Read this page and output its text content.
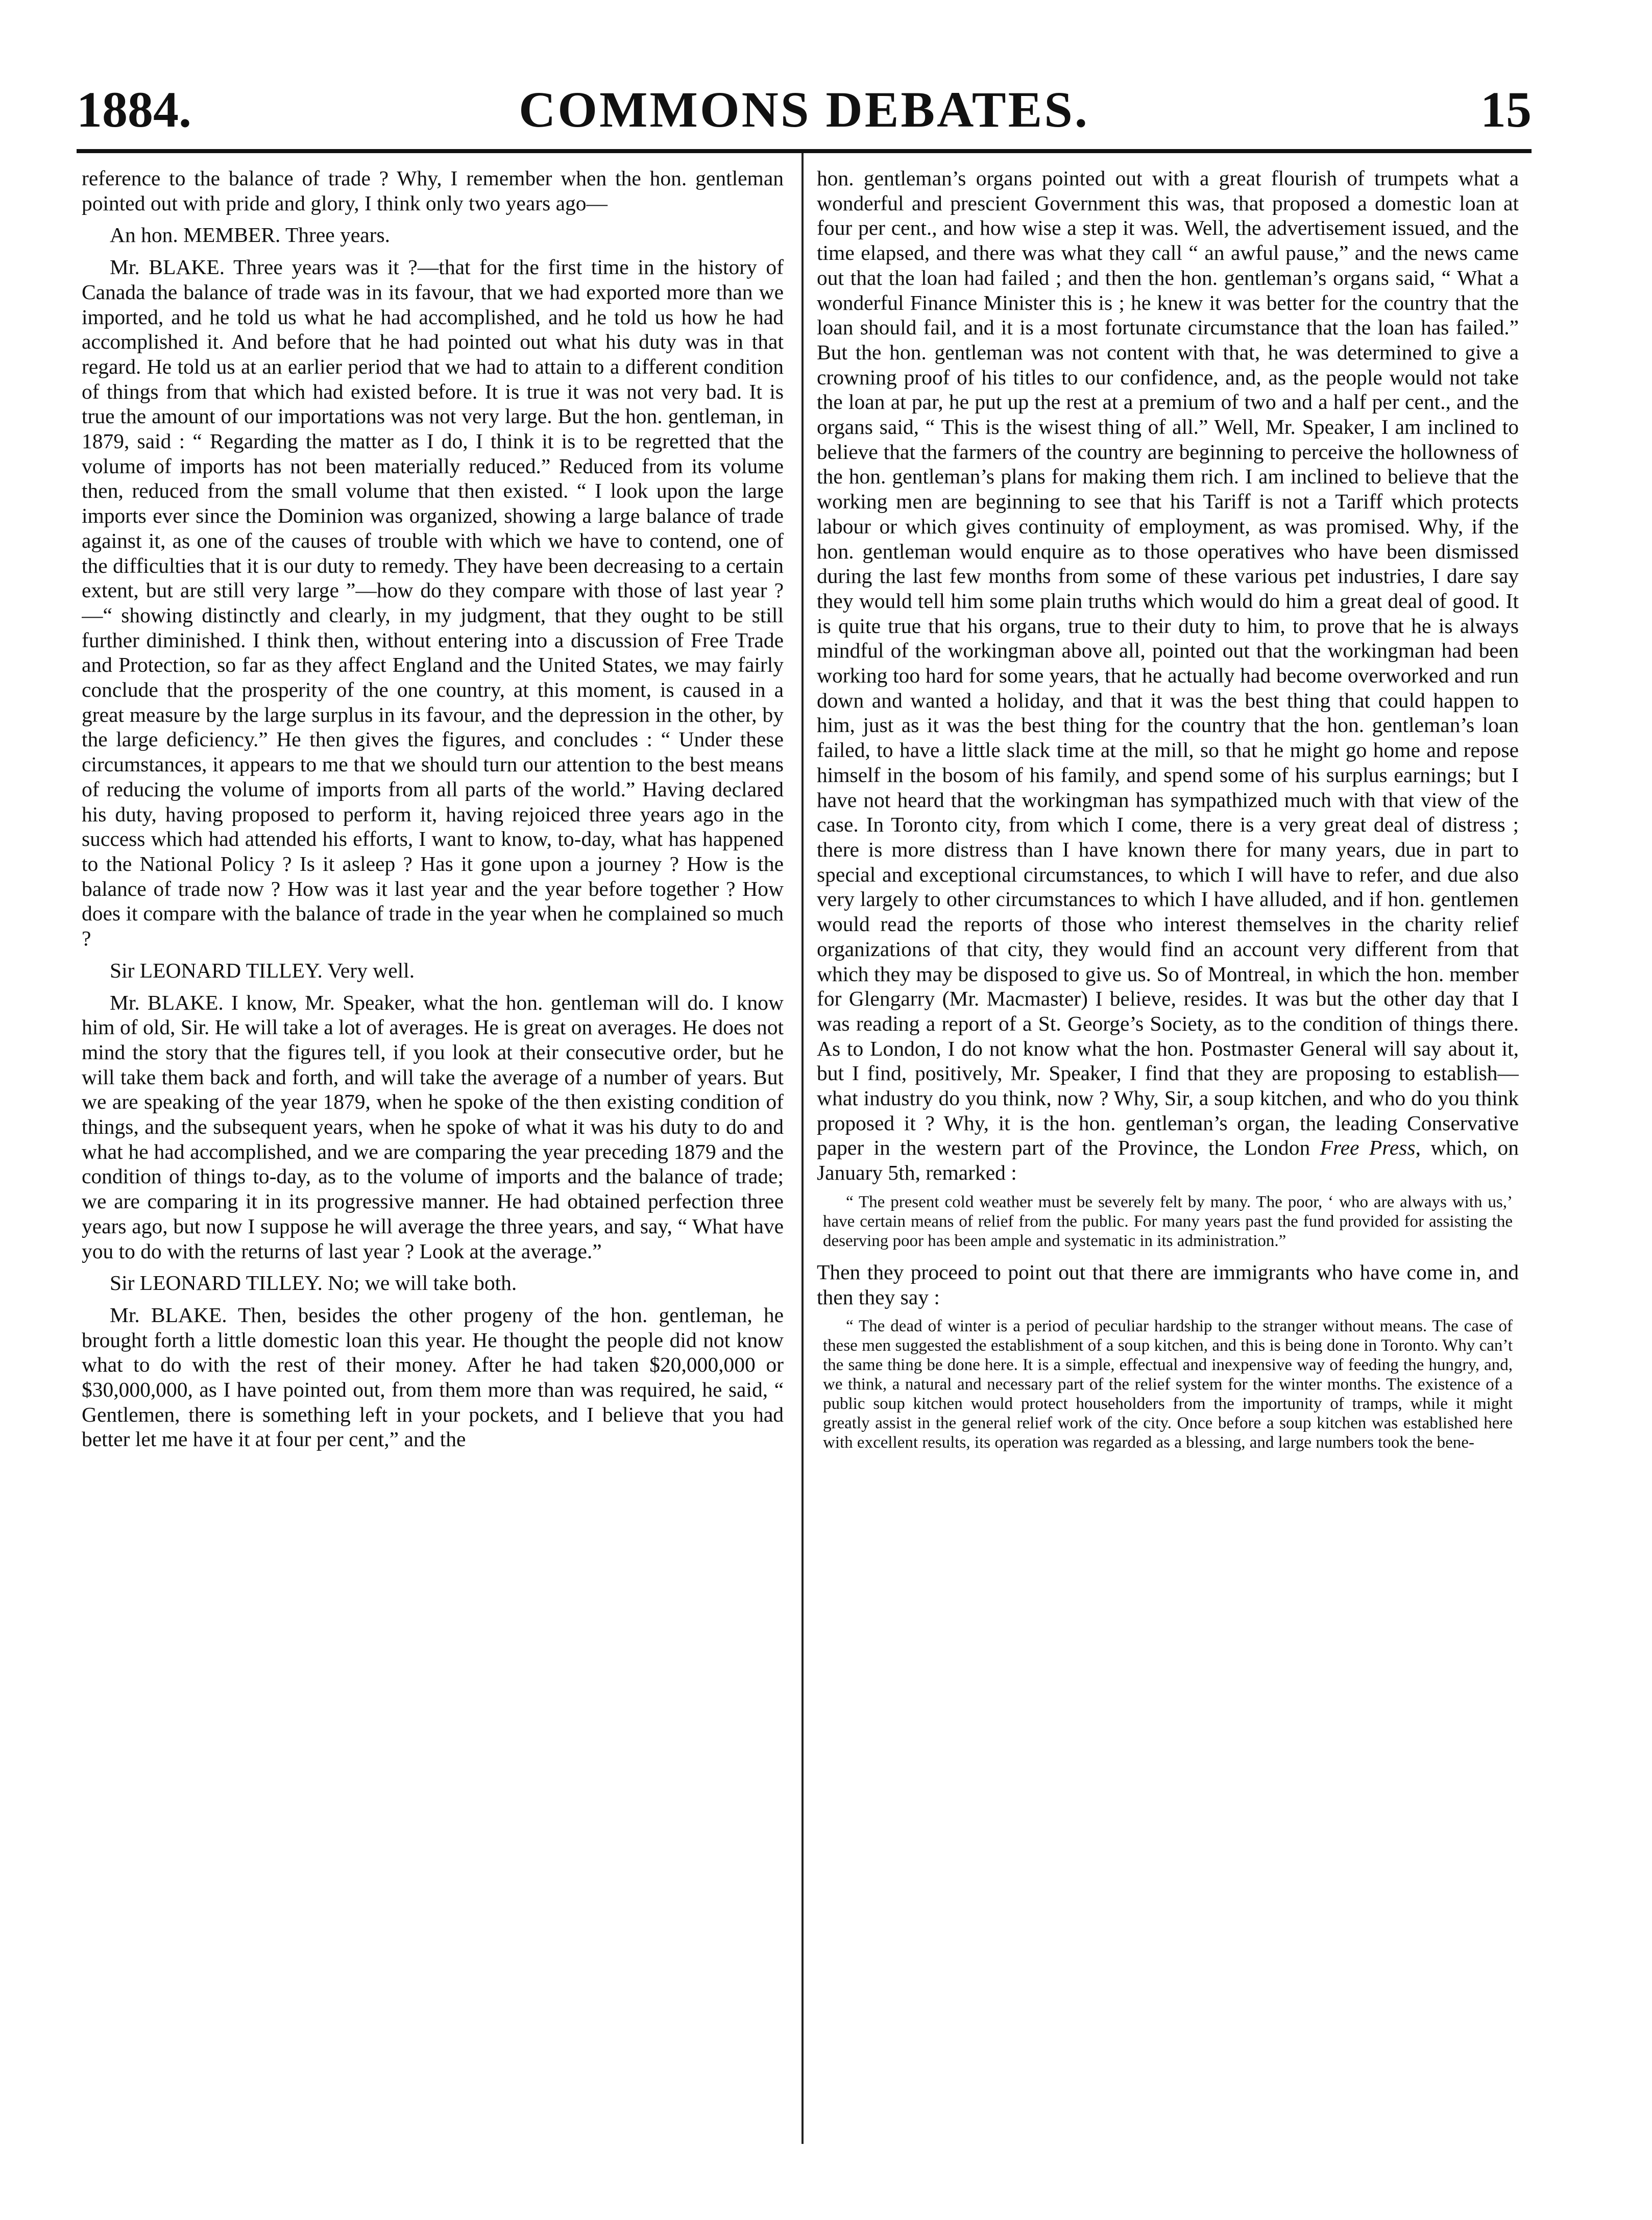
COMMONS DEBATES.
1884.	15

reference to the balance of trade ? Why, I remember when the hon. gentleman pointed out with pride and glory, I think only two years ago—

An hon. MEMBER. Three years.

Mr. BLAKE. Three years was it ?—that for the first time in the history of Canada the balance of trade was in its favour, that we had exported more than we imported, and he told us what he had accomplished, and he told us how he had accomplished it. And before that he had pointed out what his duty was in that regard. He told us at an earlier period that we had to attain to a different condition of things from that which had existed before. It is true it was not very bad. It is true the amount of our importations was not very large. But the hon. gentleman, in 1879, said : “ Regarding the matter as I do, I think it is to be regretted that the volume of imports has not been materially reduced.” Reduced from its volume then, reduced from the small volume that then existed. “ I look upon the large imports ever since the Dominion was organized, showing a large balance of trade against it, as one of the causes of trouble with which we have to contend, one of the difficulties that it is our duty to remedy. They have been decreasing to a certain extent, but are still very large ”—how do they compare with those of last year ?—“ showing distinctly and clearly, in my judgment, that they ought to be still further diminished. I think then, without entering into a discussion of Free Trade and Protection, so far as they affect England and the United States, we may fairly conclude that the prosperity of the one country, at this moment, is caused in a great measure by the large surplus in its favour, and the depression in the other, by the large deficiency.” He then gives the figures, and concludes : “ Under these circumstances, it appears to me that we should turn our attention to the best means of reducing the volume of imports from all parts of the world.” Having declared his duty, having proposed to perform it, having rejoiced three years ago in the success which had attended his efforts, I want to know, to-day, what has happened to the National Policy ? Is it asleep ? Has it gone upon a journey ? How is the balance of trade now ? How was it last year and the year before together ? How does it compare with the balance of trade in the year when he complained so much ?

Sir LEONARD TILLEY. Very well.

Mr. BLAKE. I know, Mr. Speaker, what the hon. gentleman will do. I know him of old, Sir. He will take a lot of averages. He is great on averages. He does not mind the story that the figures tell, if you look at their consecutive order, but he will take them back and forth, and will take the average of a number of years. But we are speaking of the year 1879, when he spoke of the then existing condition of things, and the subsequent years, when he spoke of what it was his duty to do and what he had accomplished, and we are comparing the year preceding 1879 and the condition of things to-day, as to the volume of imports and the balance of trade; we are comparing it in its progressive manner. He had obtained perfection three years ago, but now I suppose he will average the three years, and say, “ What have you to do with the returns of last year ? Look at the average.”

Sir LEONARD TILLEY. No; we will take both.

Mr. BLAKE. Then, besides the other progeny of the hon. gentleman, he brought forth a little domestic loan this year. He thought the people did not know what to do with the rest of their money. After he had taken $20,000,000 or $30,000,000, as I have pointed out, from them more than was required, he said, “ Gentlemen, there is something left in your pockets, and I believe that you had better let me have it at four per cent,” and the

hon. gentleman’s organs pointed out with a great flourish of trumpets what a wonderful and prescient Government this was, that proposed a domestic loan at four per cent., and how wise a step it was. Well, the advertisement issued, and the time elapsed, and there was what they call “ an awful pause,” and the news came out that the loan had failed ; and then the hon. gentleman’s organs said, “ What a wonderful Finance Minister this is ; he knew it was better for the country that the loan should fail, and it is a most fortunate circumstance that the loan has failed.” But the hon. gentleman was not content with that, he was determined to give a crowning proof of his titles to our confidence, and, as the people would not take the loan at par, he put up the rest at a premium of two and a half per cent., and the organs said, “ This is the wisest thing of all.” Well, Mr. Speaker, I am inclined to believe that the farmers of the country are beginning to perceive the hollowness of the hon. gentleman’s plans for making them rich. I am inclined to believe that the working men are beginning to see that his Tariff is not a Tariff which protects labour or which gives continuity of employment, as was promised. Why, if the hon. gentleman would enquire as to those operatives who have been dismissed during the last few months from some of these various pet industries, I dare say they would tell him some plain truths which would do him a great deal of good. It is quite true that his organs, true to their duty to him, to prove that he is always mindful of the workingman above all, pointed out that the workingman had been working too hard for some years, that he actually had become overworked and run down and wanted a holiday, and that it was the best thing that could happen to him, just as it was the best thing for the country that the hon. gentleman’s loan failed, to have a little slack time at the mill, so that he might go home and repose himself in the bosom of his family, and spend some of his surplus earnings; but I have not heard that the workingman has sympathized much with that view of the case. In Toronto city, from which I come, there is a very great deal of distress ; there is more distress than I have known there for many years, due in part to special and exceptional circumstances, to which I will have to refer, and due also very largely to other circumstances to which I have alluded, and if hon. gentlemen would read the reports of those who interest themselves in the charity relief organizations of that city, they would find an account very different from that which they may be disposed to give us. So of Montreal, in which the hon. member for Glengarry (Mr. Macmaster) I believe, resides. It was but the other day that I was reading a report of a St. George’s Society, as to the condition of things there. As to London, I do not know what the hon. Postmaster General will say about it, but I find, positively, Mr. Speaker, I find that they are proposing to establish— what industry do you think, now ? Why, Sir, a soup kitchen, and who do you think proposed it ? Why, it is the hon. gentleman’s organ, the leading Conservative paper in the western part of the Province, the London Free Press, which, on January 5th, remarked :

“ The present cold weather must be severely felt by many. The poor, ‘ who are always with us,’ have certain means of relief from the public. For many years past the fund provided for assisting the deserving poor has been ample and systematic in its administration.”

Then they proceed to point out that there are immigrants who have come in, and then they say :

“ The dead of winter is a period of peculiar hardship to the stranger without means. The case of these men suggested the establishment of a soup kitchen, and this is being done in Toronto. Why can’t the same thing be done here. It is a simple, effectual and inexpensive way of feeding the hungry, and, we think, a natural and necessary part of the relief system for the winter months. The existence of a public soup kitchen would protect householders from the importunity of tramps, while it might greatly assist in the general relief work of the city. Once before a soup kitchen was established here with excellent results, its operation was regarded as a blessing, and large numbers took the bene-
